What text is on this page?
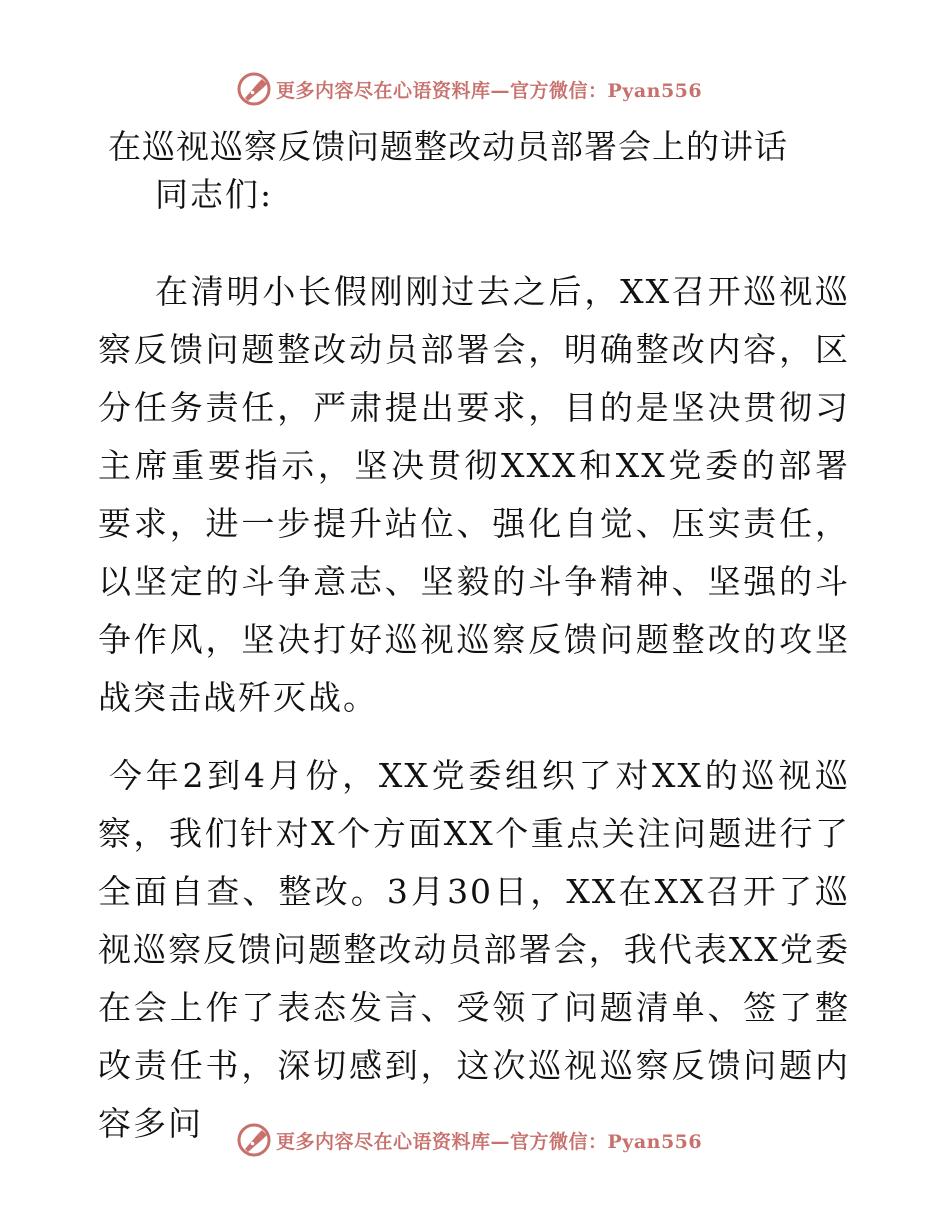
更多内容尽在心语资料库—官方微信：Pyan556
在巡视巡察反馈问题整改动员部署会上的讲话
同志们:

在清明小长假刚刚过去之后，XX召开巡视巡察反馈问题整改动员部署会，明确整改内容，区分任务责任，严肃提出要求，目的是坚决贯彻习主席重要指示，坚决贯彻XXX和XX党委的部署要求，进一步提升站位、强化自觉、压实责任，以坚定的斗争意志、坚毅的斗争精神、坚强的斗争作风，坚决打好巡视巡察反馈问题整改的攻坚战突击战歼灭战。

今年2到4月份，XX党委组织了对XX的巡视巡察，我们针对X个方面XX个重点关注问题进行了全面自查、整改。3月30日，XX在XX召开了巡视巡察反馈问题整改动员部署会，我代表XX党委在会上作了表态发言、受领了问题清单、签了整改责任书，深切感到，这次巡视巡察反馈问题内容多问	更多内容尽在心语资料库—官方微信：Pyan556
